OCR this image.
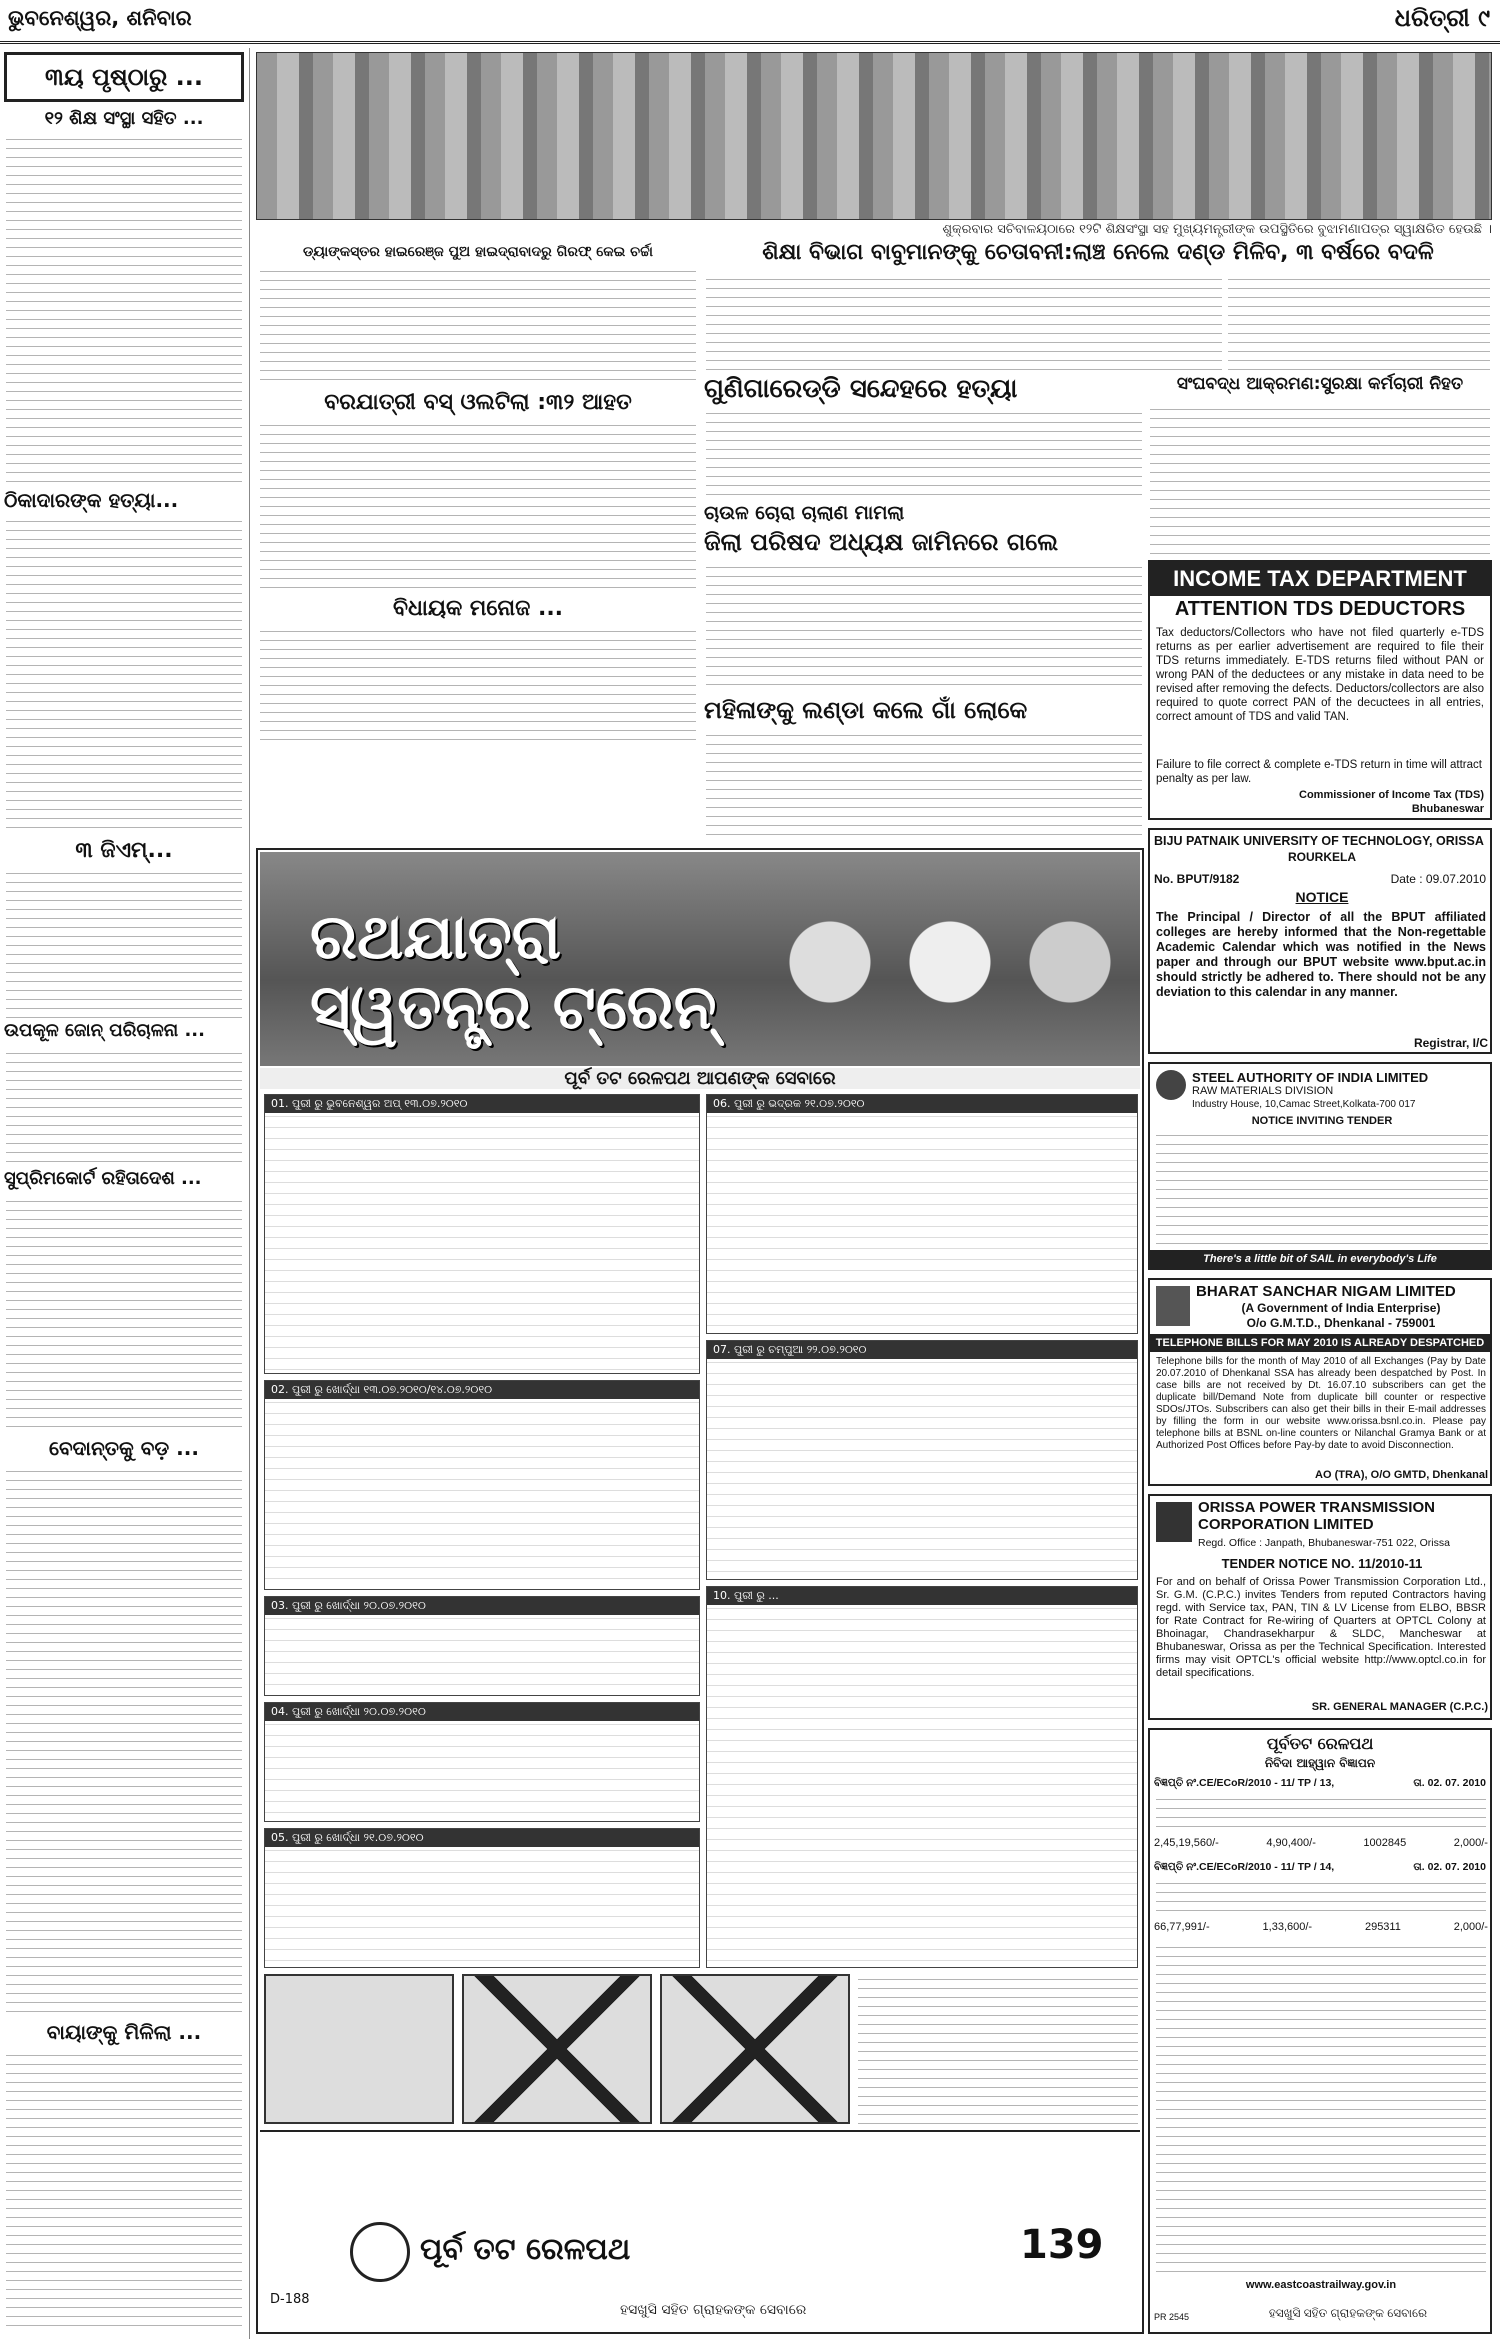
ଭୁବନେଶ୍ୱର, ଶନିବାର	ଧରିତ୍ରୀ ୯
୩ୟ ପୃଷ୍ଠାରୁ ...
୧୨ ଶିକ୍ଷ ସଂସ୍ଥା ସହିତ ...
ଠିକାଦାରଙ୍କ ହତ୍ୟା...
୩ ଜିଏମ୍...
ଉପକୂଳ ଜୋନ୍ ପରିଚାଳନା ...
ସୁପ୍ରିମକୋର୍ଟ ରହିତାଦେଶ ...
ବେଦାନ୍ତକୁ ବଡ଼ ...
ବାୟାଙ୍କୁ ମିଳିଲା ...
ଶୁକ୍ରବାର ସଚିବାଳୟଠାରେ ୧୨ଟି ଶିକ୍ଷସଂସ୍ଥା ସହ ମୁଖ୍ୟମନ୍ତ୍ରୀଙ୍କ ଉପସ୍ଥିତିରେ ବୁଝାମଣାପତ୍ର ସ୍ୱାକ୍ଷରିତ ହେଉଛି ।
ଡ୍ୟାଙ୍କସ୍ତର ହାଇରେଞ୍ଜ ପୁଅ ହାଇଦ୍ରାବାଦରୁ ଗିରଫ୍ କେଇ ଚର୍ଚ୍ଚା
ବରଯାତ୍ରୀ ବସ୍ ଓଲଟିଲା :୩୨ ଆହତ
ବିଧାୟକ ମନୋଜ ...
ଶିକ୍ଷା ବିଭାଗ ବାବୁମାନଙ୍କୁ ଚେତାବନୀ:ଲାଞ୍ଚ ନେଲେ ଦଣ୍ଡ ମିଳିବ, ୩ ବର୍ଷରେ ବଦଳି
ଗୁଣିଗାରେଡ୍ଡି ସନ୍ଦେହରେ ହତ୍ୟା	ସଂଘବଦ୍ଧ ଆକ୍ରମଣ:ସୁରକ୍ଷା କର୍ମଚାରୀ ନିହତ
ଚାଉଳ ଚୋରା ଚାଲାଣ ମାମଲା
ଜିଲା ପରିଷଦ ଅଧ୍ୟକ୍ଷ ଜାମିନରେ ଗଲେ
ମହିଳାଙ୍କୁ ଲଣ୍ଡା କଲେ ଗାଁ ଲୋକେ
ରଥଯାତ୍ରା ସ୍ୱତନ୍ତ୍ର ଟ୍ରେନ୍
ପୂର୍ବ ତଟ ରେଳପଥ ଆପଣଙ୍କ ସେବାରେ
01. ପୁରୀ ରୁ ଭୁବନେଶ୍ୱର ଅପ୍ ୧୩.୦୭.୨୦୧୦
02. ପୁରୀ ରୁ ଖୋର୍ଦ୍ଧା ୧୩.୦୭.୨୦୧୦/୧୪.୦୭.୨୦୧୦
03. ପୁରୀ ରୁ ଖୋର୍ଦ୍ଧା ୨୦.୦୭.୨୦୧୦
04. ପୁରୀ ରୁ ଖୋର୍ଦ୍ଧା ୨୦.୦୭.୨୦୧୦
05. ପୁରୀ ରୁ ଖୋର୍ଦ୍ଧା ୨୧.୦୭.୨୦୧୦
06. ପୁରୀ ରୁ ଭଦ୍ରକ ୨୧.୦୭.୨୦୧୦
07. ପୁରୀ ରୁ ଚମ୍ପୁଆ ୨୨.୦୭.୨୦୧୦
10. ପୁରୀ ରୁ ...
D-188
ପୂର୍ବ ତଟ ରେଳପଥ
ହସଖୁସି ସହିତ ଗ୍ରାହକଙ୍କ ସେବାରେ
139
INCOME TAX DEPARTMENT
ATTENTION TDS DEDUCTORS
Tax deductors/Collectors who have not filed quarterly e-TDS returns as per earlier advertisement are required to file their TDS returns immediately. E-TDS returns filed without PAN or wrong PAN of the deductees or any mistake in data need to be revised after removing the defects. Deductors/collectors are also required to quote correct PAN of the decuctees in all entries, correct amount of TDS and valid TAN.
Failure to file correct & complete e-TDS return in time will attract penalty as per law.
Commissioner of Income Tax (TDS)
Bhubaneswar
BIJU PATNAIK UNIVERSITY OF TECHNOLOGY, ORISSA
ROURKELA
No. BPUT/9182	Date : 09.07.2010
NOTICE
The Principal / Director of all the BPUT affiliated colleges are hereby informed that the Non-regettable Academic Calendar which was notified in the News paper and through our BPUT website www.bput.ac.in should strictly be adhered to. There should not be any deviation to this calendar in any manner.
Registrar, I/C
STEEL AUTHORITY OF INDIA LIMITED
RAW MATERIALS DIVISION
Industry House, 10,Camac Street,Kolkata-700 017
NOTICE INVITING TENDER
There's a little bit of SAIL in everybody's Life
BHARAT SANCHAR NIGAM LIMITED
(A Government of India Enterprise)
O/o G.M.T.D., Dhenkanal - 759001
TELEPHONE BILLS FOR MAY 2010 IS ALREADY DESPATCHED
Telephone bills for the month of May 2010 of all Exchanges (Pay by Date 20.07.2010 of Dhenkanal SSA has already been despatched by Post. In case bills are not received by Dt. 16.07.10 subscribers can get the duplicate bill/Demand Note from duplicate bill counter or respective SDOs/JTOs. Subscribers can also get their bills in their E-mail addresses by filling the form in our website www.orissa.bsnl.co.in. Please pay telephone bills at BSNL on-line counters or Nilanchal Gramya Bank or at Authorized Post Offices before Pay-by date to avoid Disconnection.
AO (TRA), O/O GMTD, Dhenkanal
ORISSA POWER TRANSMISSION
CORPORATION LIMITED
Regd. Office : Janpath, Bhubaneswar-751 022, Orissa
TENDER NOTICE NO. 11/2010-11
For and on behalf of Orissa Power Transmission Corporation Ltd., Sr. G.M. (C.P.C.) invites Tenders from reputed Contractors having regd. with Service tax, PAN, TIN & LV License from ELBO, BBSR for Rate Contract for Re-wiring of Quarters at OPTCL Colony at Bhoinagar, Chandrasekharpur & SLDC, Mancheswar at Bhubaneswar, Orissa as per the Technical Specification. Interested firms may visit OPTCL's official website http://www.optcl.co.in for detail specifications.
SR. GENERAL MANAGER (C.P.C.)
ପୂର୍ବତଟ ରେଳପଥ
ନିବିଦା ଆହ୍ୱାନ ବିଜ୍ଞାପନ
ବିଜ୍ଞପ୍ତି ନଂ.CE/ECoR/2010 - 11/ TP / 13,	ତା. 02. 07. 2010
2,45,19,560/-	4,90,400/-	1002845	2,000/-
ବିଜ୍ଞପ୍ତି ନଂ.CE/ECoR/2010 - 11/ TP / 14,	ତା. 02. 07. 2010
66,77,991/-	1,33,600/-	295311	2,000/-
www.eastcoastrailway.gov.in
PR 2545	ହସଖୁସି ସହିତ ଗ୍ରାହକଙ୍କ ସେବାରେ
